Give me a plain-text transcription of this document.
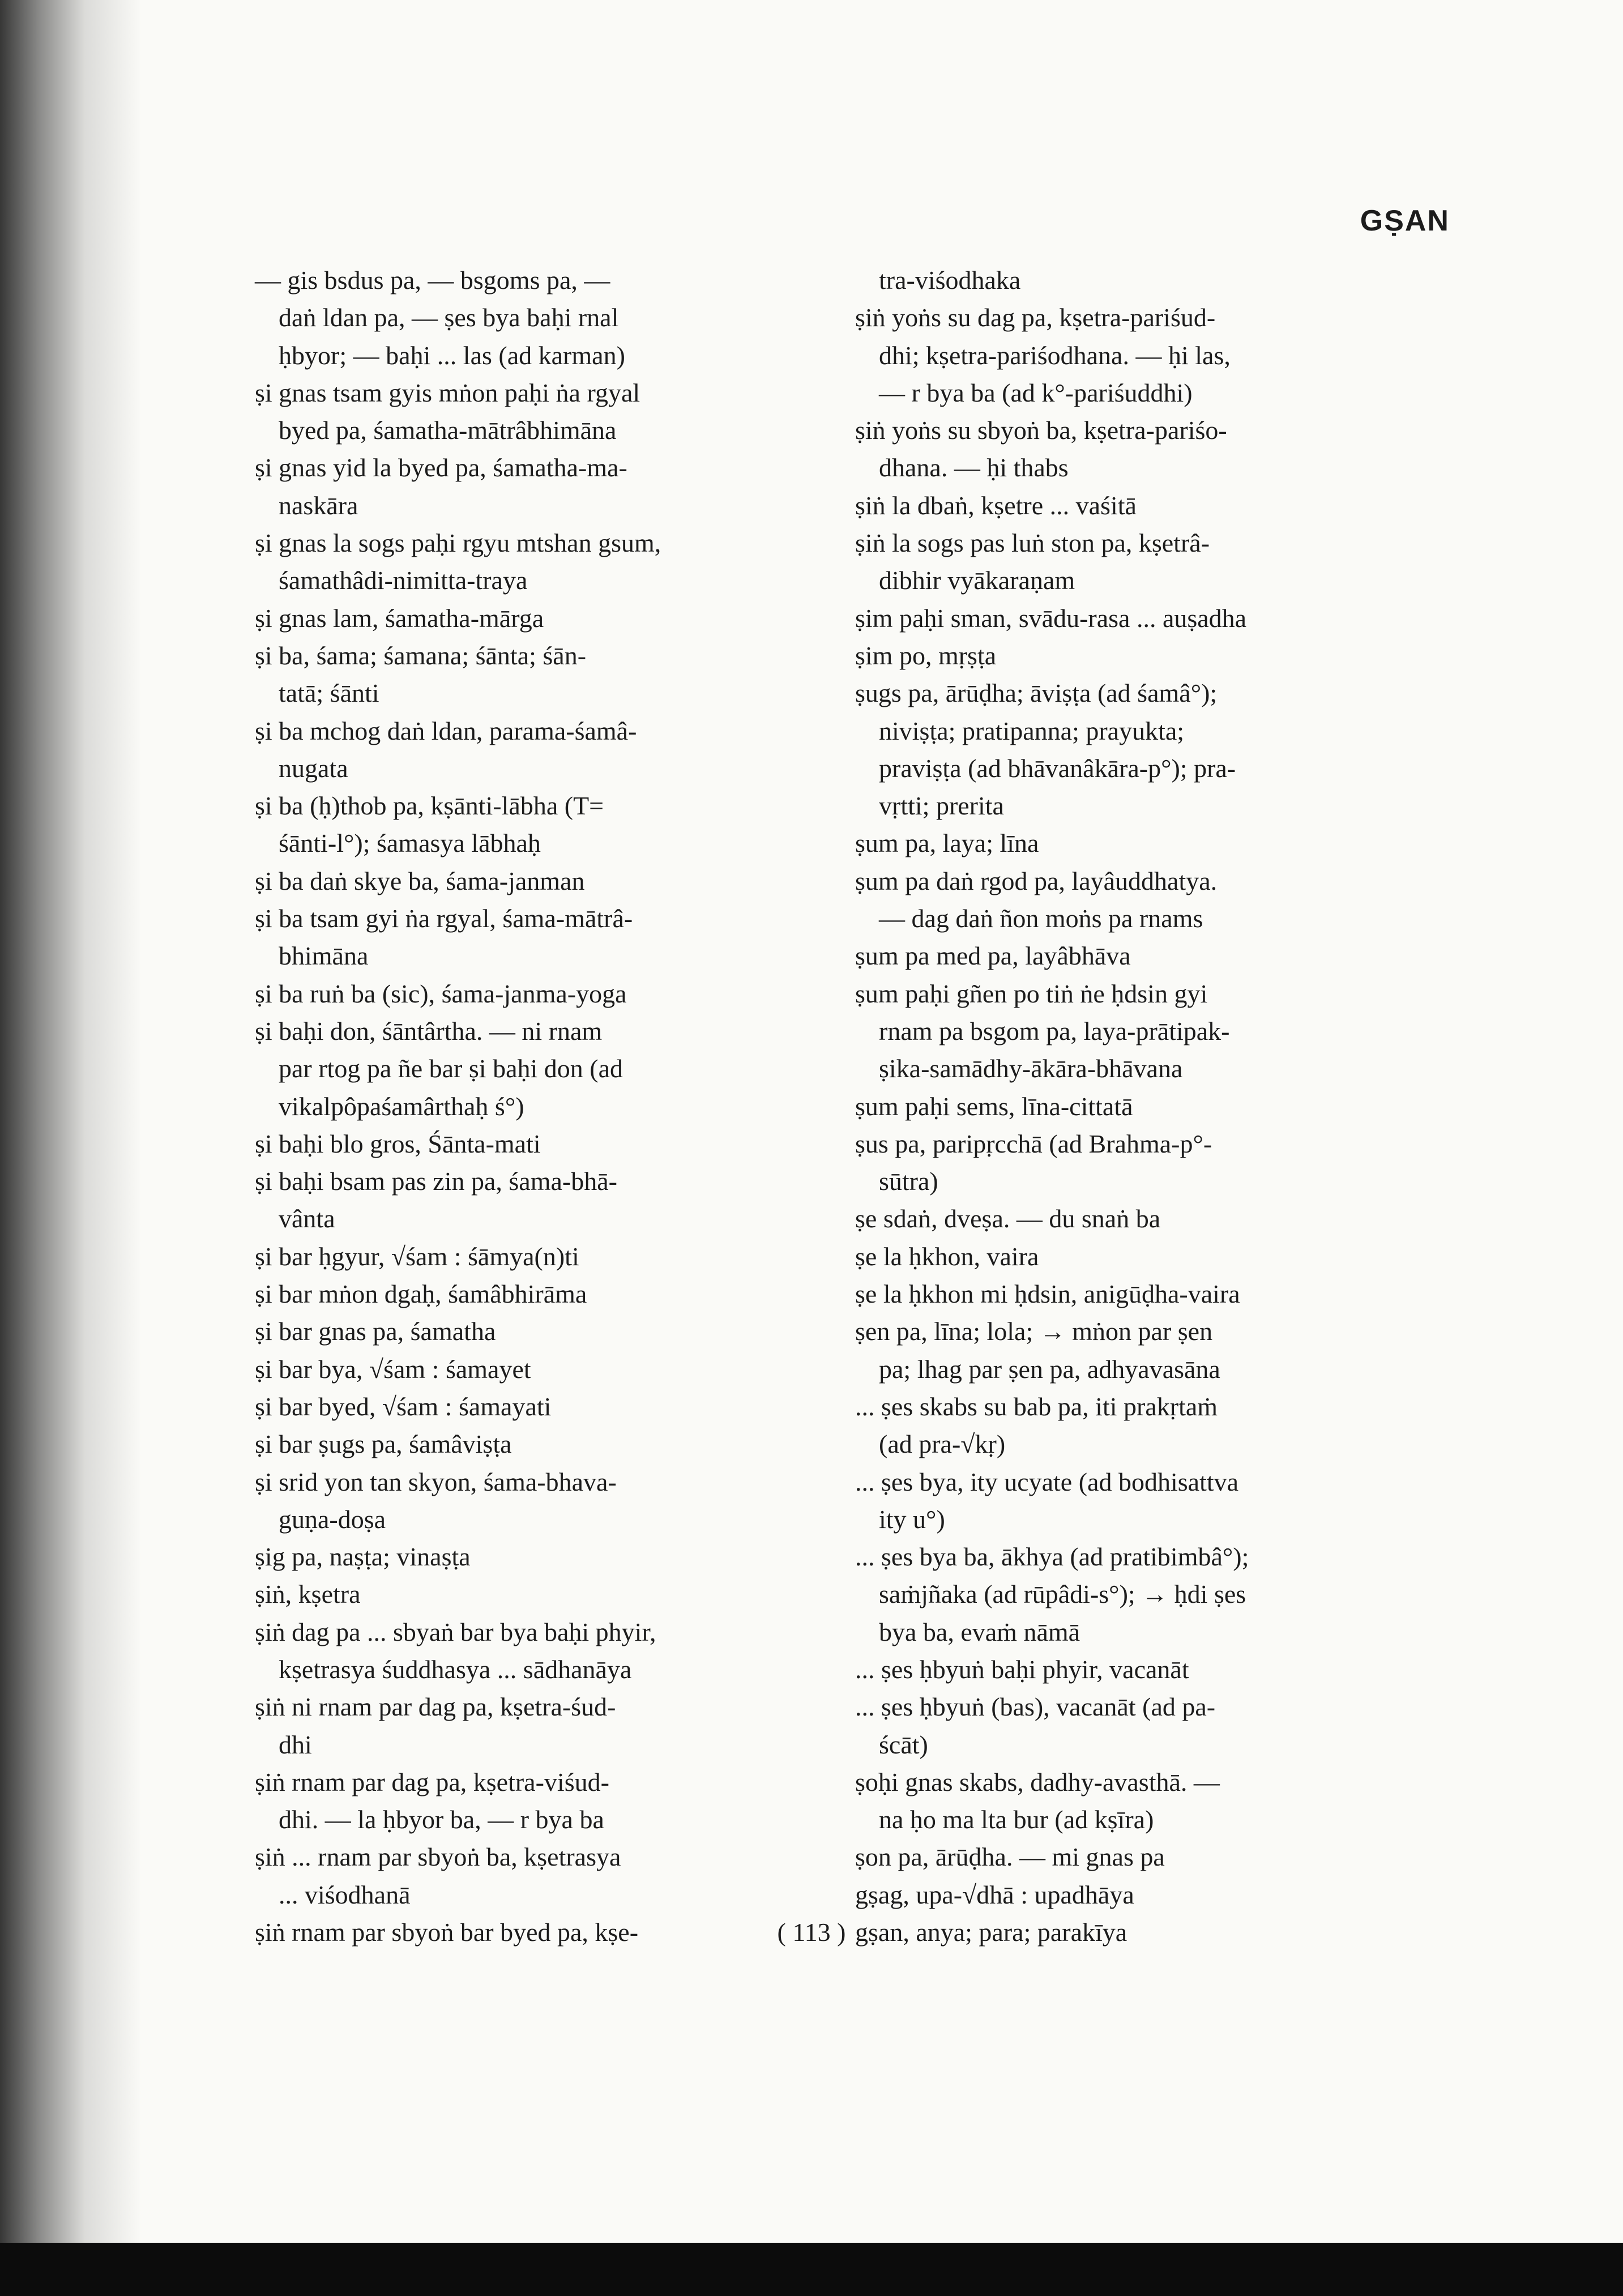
GṢAN
— gis bsdus pa, — bsgoms pa, —
daṅ ldan pa, — ṣes bya baḥi rnal
ḥbyor; — baḥi ... las (ad karman)
ṣi gnas tsam gyis mṅon paḥi ṅa rgyal
byed pa, śamatha-mātrâbhimāna
ṣi gnas yid la byed pa, śamatha-ma-
naskāra
ṣi gnas la sogs paḥi rgyu mtshan gsum,
śamathâdi-nimitta-traya
ṣi gnas lam, śamatha-mārga
ṣi ba, śama; śamana; śānta; śān-
tatā; śānti
ṣi ba mchog daṅ ldan, parama-śamâ-
nugata
ṣi ba (ḥ)thob pa, kṣānti-lābha (T=
śānti-l°); śamasya lābhaḥ
ṣi ba daṅ skye ba, śama-janman
ṣi ba tsam gyi ṅa rgyal, śama-mātrâ-
bhimāna
ṣi ba ruṅ ba (sic), śama-janma-yoga
ṣi baḥi don, śāntârtha. — ni rnam
par rtog pa ñe bar ṣi baḥi don (ad
vikalpôpaśamârthaḥ ś°)
ṣi baḥi blo gros, Śānta-mati
ṣi baḥi bsam pas zin pa, śama-bhā-
vânta
ṣi bar ḥgyur, √śam : śāmya(n)ti
ṣi bar mṅon dgaḥ, śamâbhirāma
ṣi bar gnas pa, śamatha
ṣi bar bya, √śam : śamayet
ṣi bar byed, √śam : śamayati
ṣi bar ṣugs pa, śamâviṣṭa
ṣi srid yon tan skyon, śama-bhava-
guṇa-doṣa
ṣig pa, naṣṭa; vinaṣṭa
ṣiṅ, kṣetra
ṣiṅ dag pa ... sbyaṅ bar bya baḥi phyir,
kṣetrasya śuddhasya ... sādhanāya
ṣiṅ ni rnam par dag pa, kṣetra-śud-
dhi
ṣiṅ rnam par dag pa, kṣetra-viśud-
dhi. — la ḥbyor ba, — r bya ba
ṣiṅ ... rnam par sbyoṅ ba, kṣetrasya
... viśodhanā
ṣiṅ rnam par sbyoṅ bar byed pa, kṣe-
tra-viśodhaka
ṣiṅ yoṅs su dag pa, kṣetra-pariśud-
dhi; kṣetra-pariśodhana. — ḥi las,
— r bya ba (ad k°-pariśuddhi)
ṣiṅ yoṅs su sbyoṅ ba, kṣetra-pariśo-
dhana. — ḥi thabs
ṣiṅ la dbaṅ, kṣetre ... vaśitā
ṣiṅ la sogs pas luṅ ston pa, kṣetrâ-
dibhir vyākaraṇam
ṣim paḥi sman, svādu-rasa ... auṣadha
ṣim po, mṛṣṭa
ṣugs pa, ārūḍha; āviṣṭa (ad śamâ°);
niviṣṭa; pratipanna; prayukta;
praviṣṭa (ad bhāvanâkāra-p°); pra-
vṛtti; prerita
ṣum pa, laya; līna
ṣum pa daṅ rgod pa, layâuddhatya.
— dag daṅ ñon moṅs pa rnams
ṣum pa med pa, layâbhāva
ṣum paḥi gñen po tiṅ ṅe ḥdsin gyi
rnam pa bsgom pa, laya-prātipak-
ṣika-samādhy-ākāra-bhāvana
ṣum paḥi sems, līna-cittatā
ṣus pa, paripṛcchā (ad Brahma-p°-
sūtra)
ṣe sdaṅ, dveṣa. — du snaṅ ba
ṣe la ḥkhon, vaira
ṣe la ḥkhon mi ḥdsin, anigūḍha-vaira
ṣen pa, līna; lola; → mṅon par ṣen
pa; lhag par ṣen pa, adhyavasāna
... ṣes skabs su bab pa, iti prakṛtaṁ
(ad pra-√kṛ)
... ṣes bya, ity ucyate (ad bodhisattva
ity u°)
... ṣes bya ba, ākhya (ad pratibimbâ°);
saṁjñaka (ad rūpâdi-s°); → ḥdi ṣes
bya ba, evaṁ nāmā
... ṣes ḥbyuṅ baḥi phyir, vacanāt
... ṣes ḥbyuṅ (bas), vacanāt (ad pa-
ścāt)
ṣoḥi gnas skabs, dadhy-avasthā. —
na ḥo ma lta bur (ad kṣīra)
ṣon pa, ārūḍha. — mi gnas pa
gṣag, upa-√dhā : upadhāya
gṣan, anya; para; parakīya
( 113 )
